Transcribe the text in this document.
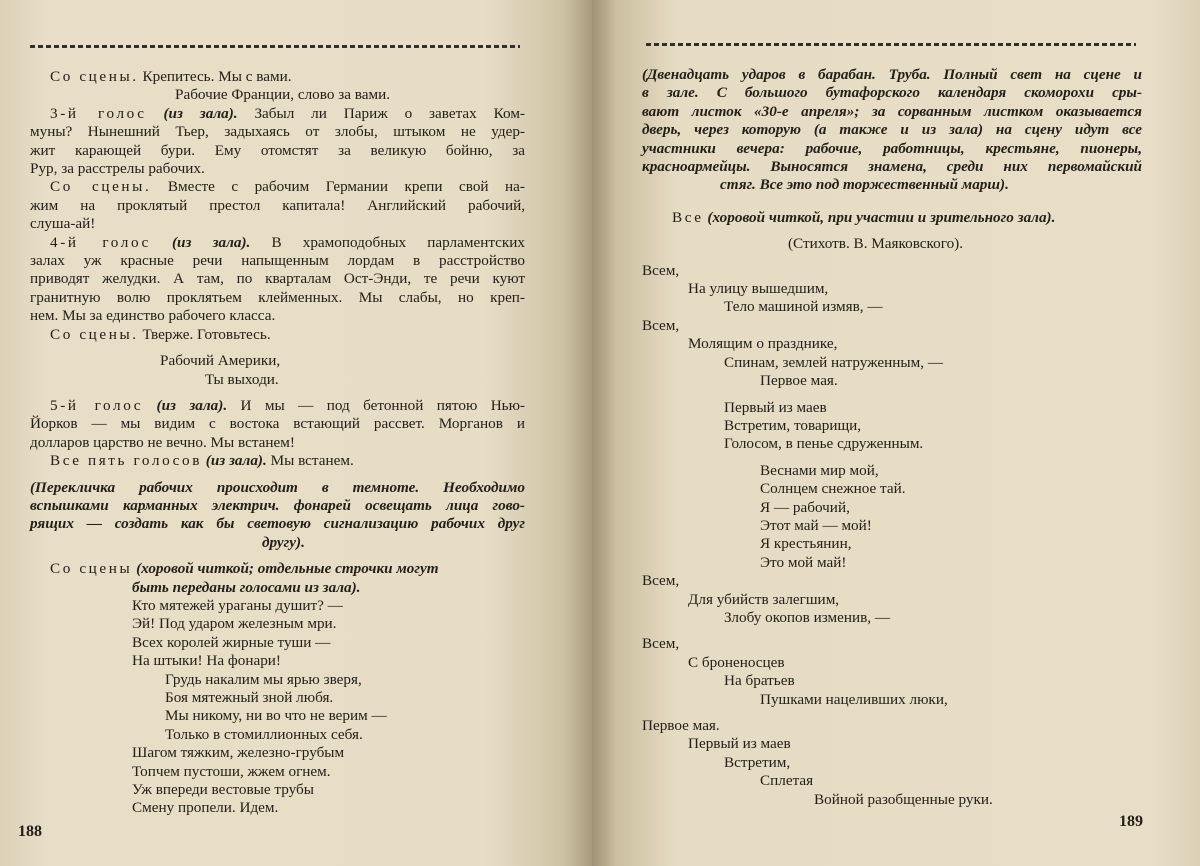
Со сцены. Крепитесь. Мы с вами.
Рабочие Франции, слово за вами.
3-й голос (из зала). Забыл ли Париж о заветах Ком-
муны? Нынешний Тьер, задыхаясь от злобы, штыком не удер-
жит карающей бури. Ему отомстят за великую бойню, за
Рур, за расстрелы рабочих.
Со сцены. Вместе с рабочим Германии крепи свой на-
жим на проклятый престол капитала! Английский рабочий,
слуша-ай!
4-й голос (из зала). В храмоподобных парламентских
залах уж красные речи напыщенным лордам в расстройство
приводят желудки. А там, по кварталам Ост-Энди, те речи куют
гранитную волю проклятьем клейменных. Мы слабы, но креп-
нем. Мы за единство рабочего класса.
Со сцены. Тверже. Готовьтесь.
Рабочий Америки,
Ты выходи.
5-й голос (из зала). И мы — под бетонной пятою Нью-
Йорков — мы видим с востока встающий рассвет. Морганов и
долларов царство не вечно. Мы встанем!
Все пять голосов (из зала). Мы встанем.
(Перекличка рабочих происходит в темноте. Необходимо
вспышками карманных электрич. фонарей освещать лица гово-
рящих — создать как бы световую сигнализацию рабочих друг
другу).
Со сцены (хоровой читкой; отдельные строчки могут
быть переданы голосами из зала).
Кто мятежей ураганы душит? —
Эй! Под ударом железным мри.
Всех королей жирные туши —
На штыки! На фонари!
Грудь накалим мы ярью зверя,
Боя мятежный зной любя.
Мы никому, ни во что не верим —
Только в стомиллионных себя.
Шагом тяжким, железно-грубым
Топчем пустоши, жжем огнем.
Уж впереди вестовые трубы
Смену пропели. Идем.
188
(Двенадцать ударов в барабан. Труба. Полный свет на сцене и
в зале. С большого бутафорского календаря скоморохи сры-
вают листок «30-е апреля»; за сорванным листком оказывается
дверь, через которую (а также и из зала) на сцену идут все
участники вечера: рабочие, работницы, крестьяне, пионеры,
красноармейцы. Выносятся знамена, среди них первомайский
стяг. Все это под торжественный марш).
Все (хоровой читкой, при участии и зрительного зала).
(Стихотв. В. Маяковского).
Всем,
На улицу вышедшим,
Тело машиной измяв, —
Всем,
Молящим о празднике,
Спинам, землей натруженным, —
Первое мая.
Первый из маев
Встретим, товарищи,
Голосом, в пенье сдруженным.
Веснами мир мой,
Солнцем снежное тай.
Я — рабочий,
Этот май — мой!
Я крестьянин,
Это мой май!
Всем,
Для убийств залегшим,
Злобу окопов изменив, —
Всем,
С броненосцев
На братьев
Пушками нацеливших люки,
Первое мая.
Первый из маев
Встретим,
Сплетая
Войной разобщенные руки.
189
